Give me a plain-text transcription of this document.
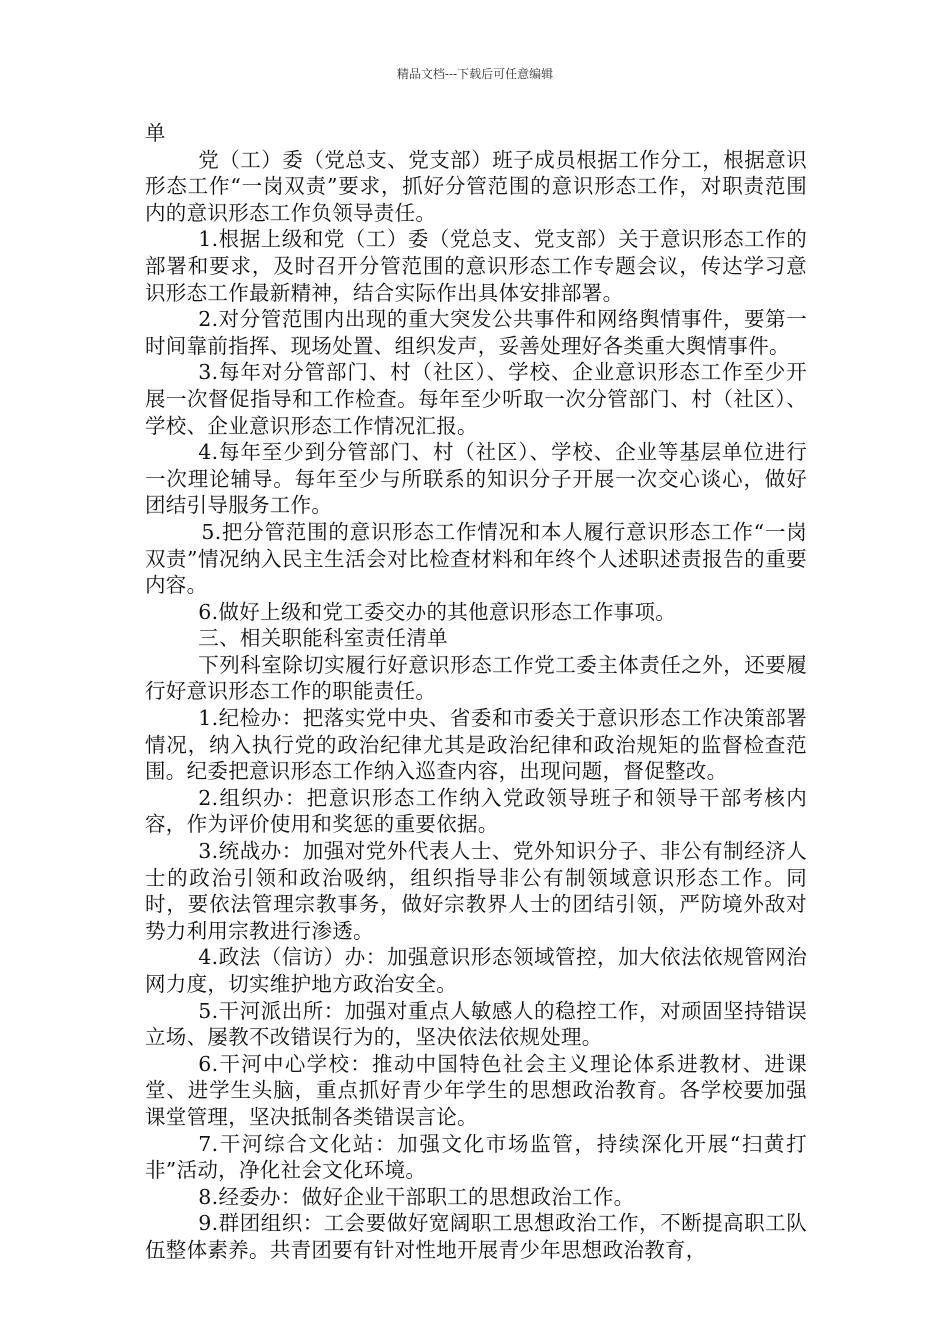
精品文档---下载后可任意编辑

单

党（工）委（党总支、党支部）班子成员根据工作分工，根据意识形态工作“一岗双责”要求，抓好分管范围的意识形态工作，对职责范围内的意识形态工作负领导责任。

1.根据上级和党（工）委（党总支、党支部）关于意识形态工作的部署和要求，及时召开分管范围的意识形态工作专题会议，传达学习意识形态工作最新精神，结合实际作出具体安排部署。

2.对分管范围内出现的重大突发公共事件和网络舆情事件，要第一时间靠前指挥、现场处置、组织发声，妥善处理好各类重大舆情事件。

3.每年对分管部门、村（社区）、学校、企业意识形态工作至少开展一次督促指导和工作检查。每年至少听取一次分管部门、村（社区）、学校、企业意识形态工作情况汇报。

4.每年至少到分管部门、村（社区）、学校、企业等基层单位进行一次理论辅导。每年至少与所联系的知识分子开展一次交心谈心，做好团结引导服务工作。

5.把分管范围的意识形态工作情况和本人履行意识形态工作“一岗双责”情况纳入民主生活会对比检查材料和年终个人述职述责报告的重要内容。

6.做好上级和党工委交办的其他意识形态工作事项。

三、相关职能科室责任清单

下列科室除切实履行好意识形态工作党工委主体责任之外，还要履行好意识形态工作的职能责任。

1.纪检办：把落实党中央、省委和市委关于意识形态工作决策部署情况，纳入执行党的政治纪律尤其是政治纪律和政治规矩的监督检查范围。纪委把意识形态工作纳入巡查内容，出现问题，督促整改。

2.组织办：把意识形态工作纳入党政领导班子和领导干部考核内容，作为评价使用和奖惩的重要依据。

3.统战办：加强对党外代表人士、党外知识分子、非公有制经济人士的政治引领和政治吸纳，组织指导非公有制领域意识形态工作。同时，要依法管理宗教事务，做好宗教界人士的团结引领，严防境外敌对势力利用宗教进行渗透。

4.政法（信访）办：加强意识形态领域管控，加大依法依规管网治网力度，切实维护地方政治安全。

5.干河派出所：加强对重点人敏感人的稳控工作，对顽固坚持错误立场、屡教不改错误行为的，坚决依法依规处理。

6.干河中心学校：推动中国特色社会主义理论体系进教材、进课堂、进学生头脑，重点抓好青少年学生的思想政治教育。各学校要加强课堂管理，坚决抵制各类错误言论。

7.干河综合文化站：加强文化市场监管，持续深化开展“扫黄打非”活动，净化社会文化环境。

8.经委办：做好企业干部职工的思想政治工作。

9.群团组织：工会要做好宽阔职工思想政治工作，不断提高职工队伍整体素养。共青团要有针对性地开展青少年思想政治教育，
